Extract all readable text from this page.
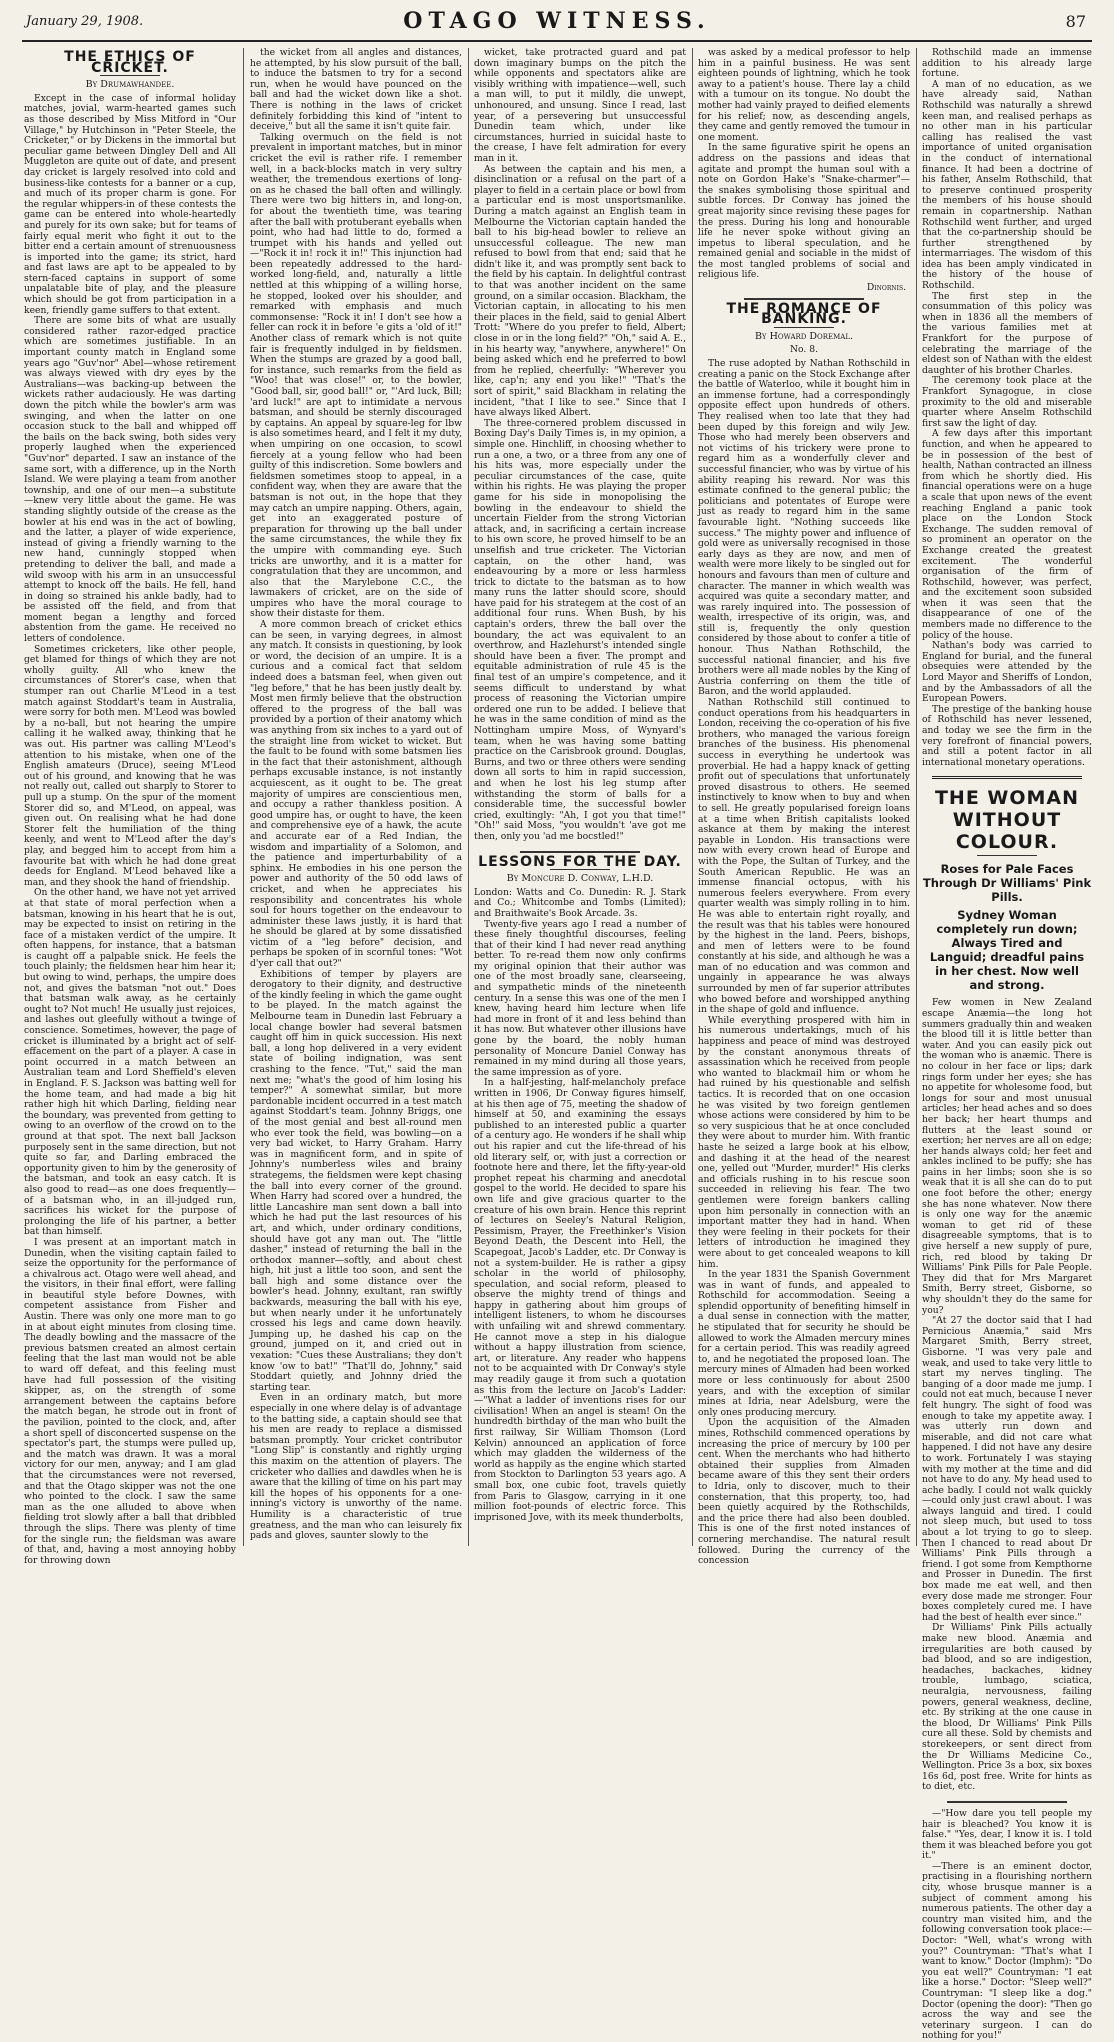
January 29, 1908.	OTAGO WITNESS.	87
THE ETHICS OF CRICKET.
By Drumawhandee.

Except in the case of informal holiday matches, jovial, warm-hearted games such as those described by Miss Mitford in "Our Village," by Hutchinson in "Peter Steele, the Cricketer," or by Dickens in the immortal but peculiar game between Dingley Dell and All Muggleton are quite out of date, and present day cricket is largely resolved into cold and business-like contests for a banner or a cup, and much of its proper charm is gone. For the regular whippers-in of these contests the game can be entered into whole-heartedly and purely for its own sake; but for teams of fairly equal merit who fight it out to the bitter end a certain amount of strenuousness is imported into the game; its strict, hard and fast laws are apt to be appealed to by stern-faced captains in support of some unpalatable bite of play, and the pleasure which should be got from participation in a keen, friendly game suffers to that extent.

There are some bits of what are usually considered rather razor-edged practice which are sometimes justifiable. In an important county match in England some years ago "Guv'nor" Abel—whose retirement was always viewed with dry eyes by the Australians—was backing-up between the wickets rather audaciously. He was darting down the pitch while the bowler's arm was swinging, and when the latter on one occasion stuck to the ball and whipped off the bails on the back swing, both sides very properly laughed when the experienced "Guv'nor" departed. I saw an instance of the same sort, with a difference, up in the North Island. We were playing a team from another township, and one of our men—a substitute—knew very little about the game. He was standing slightly outside of the crease as the bowler at his end was in the act of bowling, and the latter, a player of wide experience, instead of giving a friendly warning to the new hand, cunningly stopped when pretending to deliver the ball, and made a wild swoop with his arm in an unsuccessful attempt to knock off the bails. He fell, hand in doing so strained his ankle badly, had to be assisted off the field, and from that moment began a lengthy and forced abstention from the game. He received no letters of condolence.

Sometimes cricketers, like other people, get blamed for things of which they are not wholly guilty. All who knew the circumstances of Storer's case, when that stumper ran out Charlie M'Leod in a test match against Stoddart's team in Australia, were sorry for both men. M'Leod was bowled by a no-ball, but not hearing the umpire calling it he walked away, thinking that he was out. His partner was calling M'Leod's attention to his mistake, when one of the English amateurs (Druce), seeing M'Leod out of his ground, and knowing that he was not really out, called out sharply to Storer to pull up a stump. On the spur of the moment Storer did so, and M'Leod, on appeal, was given out. On realising what he had done Storer felt the humiliation of the thing keenly, and went to M'Leod after the day's play, and begged him to accept from him a favourite bat with which he had done great deeds for England. M'Leod behaved like a man, and they shook the hand of friendship.

On the other hand, we have not yet arrived at that state of moral perfection when a batsman, knowing in his heart that he is out, may be expected to insist on retiring in the face of a mistaken verdict of the umpire. It often happens, for instance, that a batsman is caught off a palpable snick. He feels the touch plainly; the fieldsmen hear him hear it; but owing to wind, perhaps, the umpire does not, and gives the batsman "not out." Does that batsman walk away, as he certainly ought to? Not much! He usually just rejoices, and lashes out gleefully without a twinge of conscience. Sometimes, however, the page of cricket is illuminated by a bright act of self-effacement on the part of a player. A case in point occurred in a match between an Australian team and Lord Sheffield's eleven in England. F. S. Jackson was batting well for the home team, and had made a big hit rather high hit which Darling, fielding near the boundary, was prevented from getting to owing to an overflow of the crowd on to the ground at that spot. The next ball Jackson purposely sent in the same direction, but not quite so far, and Darling embraced the opportunity given to him by the generosity of the batsman, and took an easy catch. It is also good to read—as one does frequently—of a batsman who, in an ill-judged run, sacrifices his wicket for the purpose of prolonging the life of his partner, a better bat than himself.

I was present at an important match in Dunedin, when the visiting captain failed to seize the opportunity for the performance of a chivalrous act. Otago were well ahead, and the visitors, in their final effort, were falling in beautiful style before Downes, with competent assistance from Fisher and Austin. There was only one more man to go in at about eight minutes from closing time. The deadly bowling and the massacre of the previous batsmen created an almost certain feeling that the last man would not be able to ward off defeat, and this feeling must have had full possession of the visiting skipper, as, on the strength of some arrangement between the captains before the match began, he strode out in front of the pavilion, pointed to the clock, and, after a short spell of disconcerted suspense on the spectator's part, the stumps were pulled up, and the match was drawn. It was a moral victory for our men, anyway; and I am glad that the circumstances were not reversed, and that the Otago skipper was not the one who pointed to the clock. I saw the same man as the one alluded to above when fielding trot slowly after a ball that dribbled through the slips. There was plenty of time for the single run; the fieldsman was aware of that, and, having a most annoying hobby for throwing down

the wicket from all angles and distances, he attempted, by his slow pursuit of the ball, to induce the batsmen to try for a second run, when he would have pounced on the ball and had the wicket down like a shot. There is nothing in the laws of cricket definitely forbidding this kind of "intent to deceive," but all the same it isn't quite fair.

Talking overmuch on the field is not prevalent in important matches, but in minor cricket the evil is rather rife. I remember well, in a back-blocks match in very sultry weather, the tremendous exertions of long-on as he chased the ball often and willingly. There were two big hitters in, and long-on, for about the twentieth time, was tearing after the ball with protuberant eyeballs when point, who had had little to do, formed a trumpet with his hands and yelled out—"Rock it in! rock it in!" This injunction had been repeatedly addressed to the hard-worked long-field, and, naturally a little nettled at this whipping of a willing horse, he stopped, looked over his shoulder, and remarked with emphasis and much commonsense: "Rock it in! I don't see how a feller can rock it in before 'e gits a 'old of it!" Another class of remark which is not quite fair is frequently indulged in by fieldsmen. When the stumps are grazed by a good ball, for instance, such remarks from the field as "Woo! that was close!" or, to the bowler, "Good ball, sir, good ball!" or, "'Ard luck, Bill; 'ard luck!" are apt to intimidate a nervous batsman, and should be sternly discouraged by captains. An appeal by square-leg for lbw is also sometimes heard, and I felt it my duty, when umpiring on one occasion, to scowl fiercely at a young fellow who had been guilty of this indiscretion. Some bowlers and fieldsmen sometimes stoop to appeal, in a confident way, when they are aware that the batsman is not out, in the hope that they may catch an umpire napping. Others, again, get into an exaggerated posture of preparation for throwing up the ball under the same circumstances, the while they fix the umpire with commanding eye. Such tricks are unworthy, and it is a matter for congratulation that they are uncommon, and also that the Marylebone C.C., the lawmakers of cricket, are on the side of umpires who have the moral courage to show their distaste for them.

A more common breach of cricket ethics can be seen, in varying degrees, in almost any match. It consists in questioning, by look or word, the decision of an umpire. It is a curious and a comical fact that seldom indeed does a batsman feel, when given out "leg before," that he has been justly dealt by. Most men firmly believe that the obstruction offered to the progress of the ball was provided by a portion of their anatomy which was anything from six inches to a yard out of the straight line from wicket to wicket. But the fault to be found with some batsmen lies in the fact that their astonishment, although perhaps excusable instance, is not instantly acquiescent, as it ought to be. The great majority of umpires are conscientious men, and occupy a rather thankless position. A good umpire has, or ought to have, the keen and comprehensive eye of a hawk, the acute and accurate ear of a Red Indian, the wisdom and impartiality of a Solomon, and the patience and imperturbability of a sphinx. He embodies in his one person the power and authority of the 50 odd laws of cricket, and when he appreciates his responsibility and concentrates his whole soul for hours together on the endeavour to administer these laws justly, it is hard that he should be glared at by some dissatisfied victim of a "leg before" decision, and perhaps be spoken of in scornful tones: "Wot d'yer call that out?"

Exhibitions of temper by players are derogatory to their dignity, and destructive of the kindly feeling in which the game ought to be played. In the match against the Melbourne team in Dunedin last February a local change bowler had several batsmen caught off him in quick succession. His next ball, a long hop delivered in a very evident state of boiling indignation, was sent crashing to the fence. "Tut," said the man next me; "what's the good of him losing his temper?" A somewhat similar, but more pardonable incident occurred in a test match against Stoddart's team. Johnny Briggs, one of the most genial and best all-round men who ever took the field, was bowling—on a very bad wicket, to Harry Graham. Harry was in magnificent form, and in spite of Johnny's numberless wiles and brainy strategems, the fieldsmen were kept chasing the ball into every corner of the ground. When Harry had scored over a hundred, the little Lancashire man sent down a ball into which he had put the last resources of his art, and which, under ordinary conditions, should have got any man out. The "little dasher," instead of returning the ball in the orthodox manner—softly, and about chest high, hit just a little too soon, and sent the ball high and some distance over the bowler's head. Johnny, exultant, ran swiftly backwards, measuring the ball with his eye, but when nearly under it he unfortunately crossed his legs and came down heavily. Jumping up, he dashed his cap on the ground, jumped on it, and cried out in vexation: "Cues these Australians; they don't know 'ow to bat!" "That'll do, Johnny," said Stoddart quietly, and Johnny dried the starting tear.

Even in an ordinary match, but more especially in one where delay is of advantage to the batting side, a captain should see that his men are ready to replace a dismissed batsman promptly. Your cricket contributor "Long Slip" is constantly and rightly urging this maxim on the attention of players. The cricketer who dallies and dawdles when he is aware that the killing of time on his part may kill the hopes of his opponents for a one-inning's victory is unworthy of the name. Humility is a characteristic of true greatness, and the man who can leisurely fix pads and gloves, saunter slowly to the

wicket, take protracted guard and pat down imaginary bumps on the pitch the while opponents and spectators alike are visibly writhing with impatience—well, such a man will, to put it mildly, die unwept, unhonoured, and unsung. Since I read, last year, of a persevering but unsuccessful Dunedin team which, under like circumstances, hurried in suicidal haste to the crease, I have felt admiration for every man in it.

As between the captain and his men, a disinclination or a refusal on the part of a player to field in a certain place or bowl from a particular end is most unsportsmanlike. During a match against an English team in Melbourne the Victorian captain handed the ball to his big-head bowler to relieve an unsuccessful colleague. The new man refused to bowl from that end; said that he didn't like it, and was promptly sent back to the field by his captain. In delightful contrast to that was another incident on the same ground, on a similar occasion. Blackham, the Victorian captain, in allocating to his men their places in the field, said to genial Albert Trott: "Where do you prefer to field, Albert; close in or in the long field?" "Oh," said A. E., in his hearty way, "anywhere, anywhere!" On being asked which end he preferred to bowl from he replied, cheerfully: "Wherever you like, cap'n; any end you like!" "That's the sort of spirit," said Blackham in relating the incident, "that I like to see." Since that I have always liked Albert.

The three-cornered problem discussed in Boxing Day's Daily Times is, in my opinion, a simple one. Hinchliff, in choosing whether to run a one, a two, or a three from any one of his hits was, more especially under the peculiar circumstances of the case, quite within his rights. He was playing the proper game for his side in monopolising the bowling in the endeavour to shield the uncertain Fielder from the strong Victorian attack, and, in sacrificing a certain increase to his own score, he proved himself to be an unselfish and true cricketer. The Victorian captain, on the other hand, was endeavouring by a more or less harmless trick to dictate to the batsman as to how many runs the latter should score, should have paid for his strategem at the cost of an additional four runs. When Bush, by his captain's orders, threw the ball over the boundary, the act was equivalent to an overthrow, and Hazlehurst's intended single should have been a fiver. The prompt and equitable administration of rule 45 is the final test of an umpire's competence, and it seems difficult to understand by what process of reasoning the Victorian umpire ordered one run to be added. I believe that he was in the same condition of mind as the Nottingham umpire Moss, of Wynyard's team, when he was having some batting practice on the Carisbrook ground. Douglas, Burns, and two or three others were sending down all sorts to him in rapid succession, and when he lost his leg stump after withstanding the storm of balls for a considerable time, the successful bowler cried, exultingly: "Ah, I got you that time!" "Oh!" said Moss, "you wouldn't 'ave got me then, only you 'ad me bocstled!"

LESSONS FOR THE DAY.
By Moncure D. Conway, L.H.D.

London: Watts and Co. Dunedin: R. J. Stark and Co.; Whitcombe and Tombs (Limited); and Braithwaite's Book Arcade. 3s.

Twenty-five years ago I read a number of these finely thoughtful discourses, feeling that of their kind I had never read anything better. To re-read them now only confirms my original opinion that their author was one of the most broadly sane, clearseeing, and sympathetic minds of the nineteenth century. In a sense this was one of the men I knew, having heard him lecture when life had more in front of it and less behind than it has now. But whatever other illusions have gone by the board, the nobly human personality of Moncure Daniel Conway has remained in my mind during all those years, the same impression as of yore.

In a half-jesting, half-melancholy preface written in 1906, Dr Conway figures himself, at his then age of 75, meeting the shadow of himself at 50, and examining the essays published to an interested public a quarter of a century ago. He wonders if he shall whip out his rapier and cut the life-thread of his old literary self, or, with just a correction or footnote here and there, let the fifty-year-old prophet repeat his charming and anecdotal gospel to the world. He decided to spare his own life and give gracious quarter to the creature of his own brain. Hence this reprint of lectures on Seeley's Natural Religion, Pessimism, Prayer, the Freethinker's Vision Beyond Death, the Descent into Hell, the Scapegoat, Jacob's Ladder, etc. Dr Conway is not a system-builder. He is rather a gipsy scholar in the world of philosophy, speculation, and social reform, pleased to observe the mighty trend of things and happy in gathering about him groups of intelligent listeners, to whom he discourses with unfailing wit and shrewd commentary. He cannot move a step in his dialogue without a happy illustration from science, art, or literature. Any reader who happens not to be acquainted with Dr Conway's style may readily gauge it from such a quotation as this from the lecture on Jacob's Ladder:—"What a ladder of inventions rises for our civilisation! When an angel is steam! On the hundredth birthday of the man who built the first railway, Sir William Thomson (Lord Kelvin) announced an application of force which may gladden the wilderness of the world as happily as the engine which started from Stockton to Darlington 53 years ago. A small box, one cubic foot, travels quietly from Paris to Glasgow, carrying in it one million foot-pounds of electric force. This imprisoned Jove, with its meek thunderbolts,

was asked by a medical professor to help him in a painful business. He was sent eighteen pounds of lightning, which he took away to a patient's house. There lay a child with a tumour on its tongue. No doubt the mother had vainly prayed to deified elements for his relief; now, as descending angels, they came and gently removed the tumour in one moment.

In the same figurative spirit he opens an address on the passions and ideas that agitate and prompt the human soul with a note on Gordon Hake's "Snake-charmer"—the snakes symbolising those spiritual and subtle forces. Dr Conway has joined the great majority since revising these pages for the press. During his long and honourable life he never spoke without giving an impetus to liberal speculation, and he remained genial and sociable in the midst of the most tangled problems of social and religious life.

Dinornis.
THE ROMANCE OF BANKING.
By Howard Doremal.
No. 8.

The ruse adopted by Nathan Rothschild in creating a panic on the Stock Exchange after the battle of Waterloo, while it bought him in an immense fortune, had a correspondingly opposite effect upon hundreds of others. They realised when too late that they had been duped by this foreign and wily Jew. Those who had merely been observers and not victims of his trickery were prone to regard him as a wonderfully clever and successful financier, who was by virtue of his ability reaping his reward. Nor was this estimate confined to the general public; the politicians and potentates of Europe were just as ready to regard him in the same favourable light. "Nothing succeeds like success." The mighty power and influence of gold were as universally recognised in those early days as they are now, and men of wealth were more likely to be singled out for honours and favours than men of culture and character. The manner in which wealth was acquired was quite a secondary matter, and was rarely inquired into. The possession of wealth, irrespective of its origin, was, and still is, frequently the only question considered by those about to confer a title of honour. Thus Nathan Rothschild, the successful national financier, and his five brothers were all made nobles by the King of Austria conferring on them the title of Baron, and the world applauded.

Nathan Rothschild still continued to conduct operations from his headquarters in London, receiving the co-operation of his five brothers, who managed the various foreign branches of the business. His phenomenal success in everything he undertook was proverbial. He had a happy knack of getting profit out of speculations that unfortunately proved disastrous to others. He seemed instinctively to know when to buy and when to sell. He greatly popularised foreign loans at a time when British capitalists looked askance at them by making the interest payable in London. His transactions were now with every crown head of Europe and with the Pope, the Sultan of Turkey, and the South American Republic. He was an immense financial octopus, with his numerous feelers everywhere. From every quarter wealth was simply rolling in to him. He was able to entertain right royally, and the result was that his tables were honoured by the highest in the land. Peers, bishops, and men of letters were to be found constantly at his side, and although he was a man of no education and was common and ungainly in appearance he was always surrounded by men of far superior attributes who bowed before and worshipped anything in the shape of gold and influence.

While everything prospered with him in his numerous undertakings, much of his happiness and peace of mind was destroyed by the constant anonymous threats of assassination which he received from people who wanted to blackmail him or whom he had ruined by his questionable and selfish tactics. It is recorded that on one occasion he was visited by two foreign gentlemen whose actions were considered by him to be so very suspicious that he at once concluded they were about to murder him. With frantic haste he seized a large book at his elbow, and dashing it at the head of the nearest one, yelled out "Murder, murder!" His clerks and officials rushing in to his rescue soon succeeded in relieving his fear. The two gentlemen were foreign bankers calling upon him personally in connection with an important matter they had in hand. When they were feeling in their pockets for their letters of introduction he imagined they were about to get concealed weapons to kill him.

In the year 1831 the Spanish Government was in want of funds, and appealed to Rothschild for accommodation. Seeing a splendid opportunity of benefiting himself in a dual sense in connection with the matter, he stipulated that for security he should be allowed to work the Almaden mercury mines for a certain period. This was readily agreed to, and he negotiated the proposed loan. The mercury mines of Almaden had been worked more or less continuously for about 2500 years, and with the exception of similar mines at Idria, near Adelsburg, were the only ones producing mercury.

Upon the acquisition of the Almaden mines, Rothschild commenced operations by increasing the price of mercury by 100 per cent. When the merchants who had hitherto obtained their supplies from Almaden became aware of this they sent their orders to Idria, only to discover, much to their consternation, that this property, too, had been quietly acquired by the Rothschilds, and the price there had also been doubled. This is one of the first noted instances of cornering merchandise. The natural result followed. During the currency of the concession

Rothschild made an immense addition to his already large fortune.

A man of no education, as we have already said, Nathan Rothschild was naturally a shrewd keen man, and realised perhaps as no other man in his particular calling has realised the vast importance of united organisation in the conduct of international finance. It had been a doctrine of his father, Anselm Rothschild, that to preserve continued prosperity the members of his house should remain in copartnership. Nathan Rothschild went further, and urged that the co-partnership should be further strengthened by intermarriages. The wisdom of this idea has been amply vindicated in the history of the house of Rothschild.

The first step in the consummation of this policy was when in 1836 all the members of the various families met at Frankfort for the purpose of celebrating the marriage of the eldest son of Nathan with the eldest daughter of his brother Charles.

The ceremony took place at the Frankfort Synagogue, in close proximity to the old and miserable quarter where Anselm Rothschild first saw the light of day.

A few days after this important function, and when he appeared to be in possession of the best of health, Nathan contracted an illness from which he shortly died. His financial operations were on a huge a scale that upon news of the event reaching England a panic took place on the London Stock Exchange. The sudden removal of so prominent an operator on the Exchange created the greatest excitement. The wonderful organisation of the firm of Rothschild, however, was perfect, and the excitement soon subsided when it was seen that the disappearance of one of the members made no difference to the policy of the house.

Nathan's body was carried to England for burial, and the funeral obsequies were attended by the Lord Mayor and Sheriffs of London, and by the Ambassadors of all the European Powers.

The prestige of the banking house of Rothschild has never lessened, and today we see the firm in the very forefront of financial powers, and still a potent factor in all international monetary operations.

THE WOMAN WITHOUT COLOUR.
Roses for Pale Faces Through Dr Williams' Pink Pills.
Sydney Woman completely run down; Always Tired and Languid; dreadful pains in her chest. Now well and strong.

Few women in New Zealand escape Anæmia—the long hot summers gradually thin and weaken the blood till it is little better than water. And you can easily pick out the woman who is anæmic. There is no colour in her face or lips; dark rings form under her eyes; she has no appetite for wholesome food, but longs for sour and most unusual articles; her head aches and so does her back; her heart thumps and flutters at the least sound or exertion; her nerves are all on edge; her hands always cold; her feet and ankles inclined to be puffy; she has pains in her limbs; soon she is so weak that it is all she can do to put one foot before the other; energy she has none whatever. Now there is only one way for the anæmic woman to get rid of these disagreeable symptoms, that is to give herself a new supply of pure, rich, red blood by taking Dr Williams' Pink Pills for Pale People. They did that for Mrs Margaret Smith, Berry street, Gisborne, so why shouldn't they do the same for you?

"At 27 the doctor said that I had Pernicious Anæmia," said Mrs Margaret Smith, Berry street, Gisborne. "I was very pale and weak, and used to take very little to start my nerves tingling. The banging of a door made me jump. I could not eat much, because I never felt hungry. The sight of food was enough to take my appetite away. I was utterly run down and miserable, and did not care what happened. I did not have any desire to work. Fortunately I was staying with my mother at the time and did not have to do any. My head used to ache badly. I could not walk quickly—could only just crawl about. I was always languid and tired. I could not sleep much, but used to toss about a lot trying to go to sleep. Then I chanced to read about Dr Williams' Pink Pills through a friend. I got some from Kempthorne and Prosser in Dunedin. The first box made me eat well, and then every dose made me stronger. Four boxes completely cured me. I have had the best of health ever since."

Dr Williams' Pink Pills actually make new blood. Anæmia and irregularities are both caused by bad blood, and so are indigestion, headaches, backaches, kidney trouble, lumbago, sciatica, neuralgia, nervousness, failing powers, general weakness, decline, etc. By striking at the one cause in the blood, Dr Williams' Pink Pills cure all these. Sold by chemists and storekeepers, or sent direct from the Dr Williams Medicine Co., Wellington. Price 3s a box, six boxes 16s 6d, post free. Write for hints as to diet, etc.

—"How dare you tell people my hair is bleached? You know it is false." "Yes, dear, I know it is. I told them it was bleached before you got it."

—There is an eminent doctor, practising in a flourishing northern city, whose brusque manner is a subject of comment among his numerous patients. The other day a country man visited him, and the following conversation took place:—Doctor: "Well, what's wrong with you?" Countryman: "That's what I want to know." Doctor (lmphm): "Do you eat well?" Countryman: "I eat like a horse." Doctor: "Sleep well?" Countryman: "I sleep like a dog." Doctor (opening the door): "Then go across the way and see the veterinary surgeon. I can do nothing for you!"
